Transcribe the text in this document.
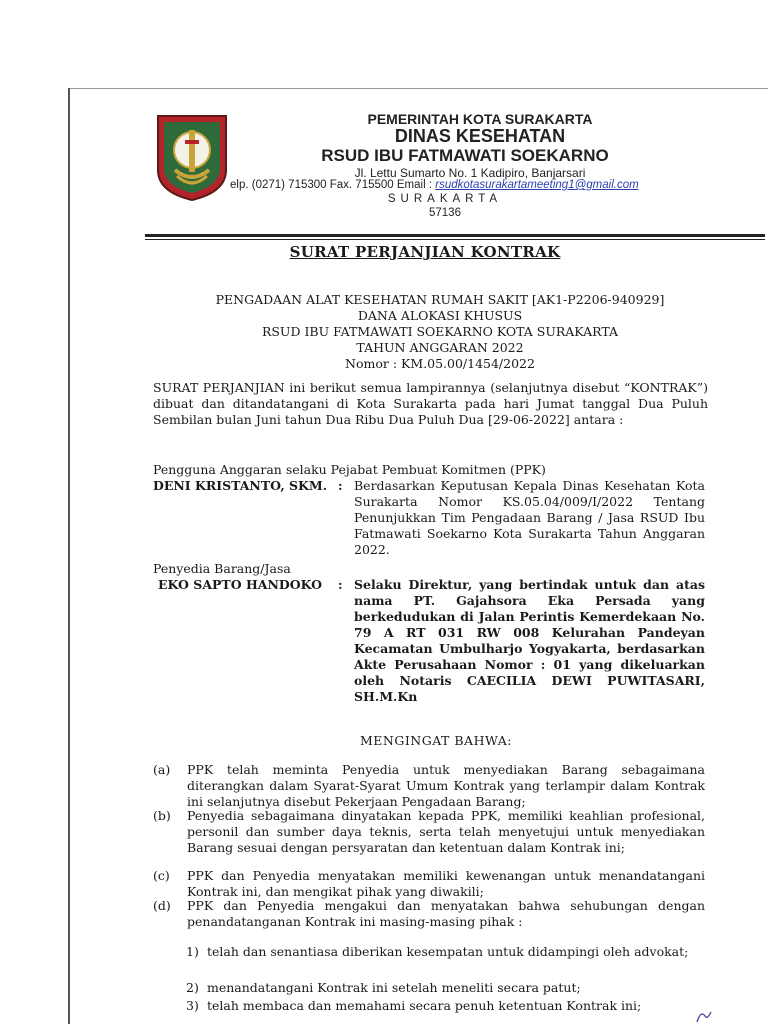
PEMERINTAH KOTA SURAKARTA
DINAS KESEHATAN
RSUD IBU FATMAWATI SOEKARNO
Jl. Lettu Sumarto No. 1 Kadipiro, Banjarsari
elp. (0271) 715300 Fax. 715500 Email : rsudkotasurakartameeting1@gmail.com
SURAKARTA
57136
SURAT PERJANJIAN KONTRAK
PENGADAAN ALAT KESEHATAN RUMAH SAKIT [AK1-P2206-940929]
DANA ALOKASI KHUSUS
RSUD IBU FATMAWATI SOEKARNO KOTA SURAKARTA
TAHUN ANGGARAN 2022
Nomor : KM.05.00/1454/2022
SURAT PERJANJIAN ini berikut semua lampirannya (selanjutnya disebut “KONTRAK”) dibuat dan ditandatangani di Kota Surakarta pada hari Jumat tanggal Dua Puluh Sembilan bulan Juni tahun Dua Ribu Dua Puluh Dua [29-06-2022] antara :
Pengguna Anggaran selaku Pejabat Pembuat Komitmen (PPK)
DENI KRISTANTO, SKM. : Berdasarkan Keputusan Kepala Dinas Kesehatan Kota Surakarta Nomor KS.05.04/009/I/2022 Tentang Penunjukkan Tim Pengadaan Barang / Jasa RSUD Ibu Fatmawati Soekarno Kota Surakarta Tahun Anggaran 2022.
Penyedia Barang/Jasa
EKO SAPTO HANDOKO : Selaku Direktur, yang bertindak untuk dan atas nama PT. Gajahsora Eka Persada yang berkedudukan di Jalan Perintis Kemerdekaan No. 79 A RT 031 RW 008 Kelurahan Pandeyan Kecamatan Umbulharjo Yogyakarta, berdasarkan Akte Perusahaan Nomor : 01 yang dikeluarkan oleh Notaris CAECILIA DEWI PUWITASARI, SH.M.Kn
MENGINGAT BAHWA:
(a) PPK telah meminta Penyedia untuk menyediakan Barang sebagaimana diterangkan dalam Syarat-Syarat Umum Kontrak yang terlampir dalam Kontrak ini selanjutnya disebut Pekerjaan Pengadaan Barang;
(b) Penyedia sebagaimana dinyatakan kepada PPK, memiliki keahlian profesional, personil dan sumber daya teknis, serta telah menyetujui untuk menyediakan Barang sesuai dengan persyaratan dan ketentuan dalam Kontrak ini;
(c) PPK dan Penyedia menyatakan memiliki kewenangan untuk menandatangani Kontrak ini, dan mengikat pihak yang diwakili;
(d) PPK dan Penyedia mengakui dan menyatakan bahwa sehubungan dengan penandatanganan Kontrak ini masing-masing pihak :
1) telah dan senantiasa diberikan kesempatan untuk didampingi oleh advokat;
2) menandatangani Kontrak ini setelah meneliti secara patut;
3) telah membaca dan memahami secara penuh ketentuan Kontrak ini;
